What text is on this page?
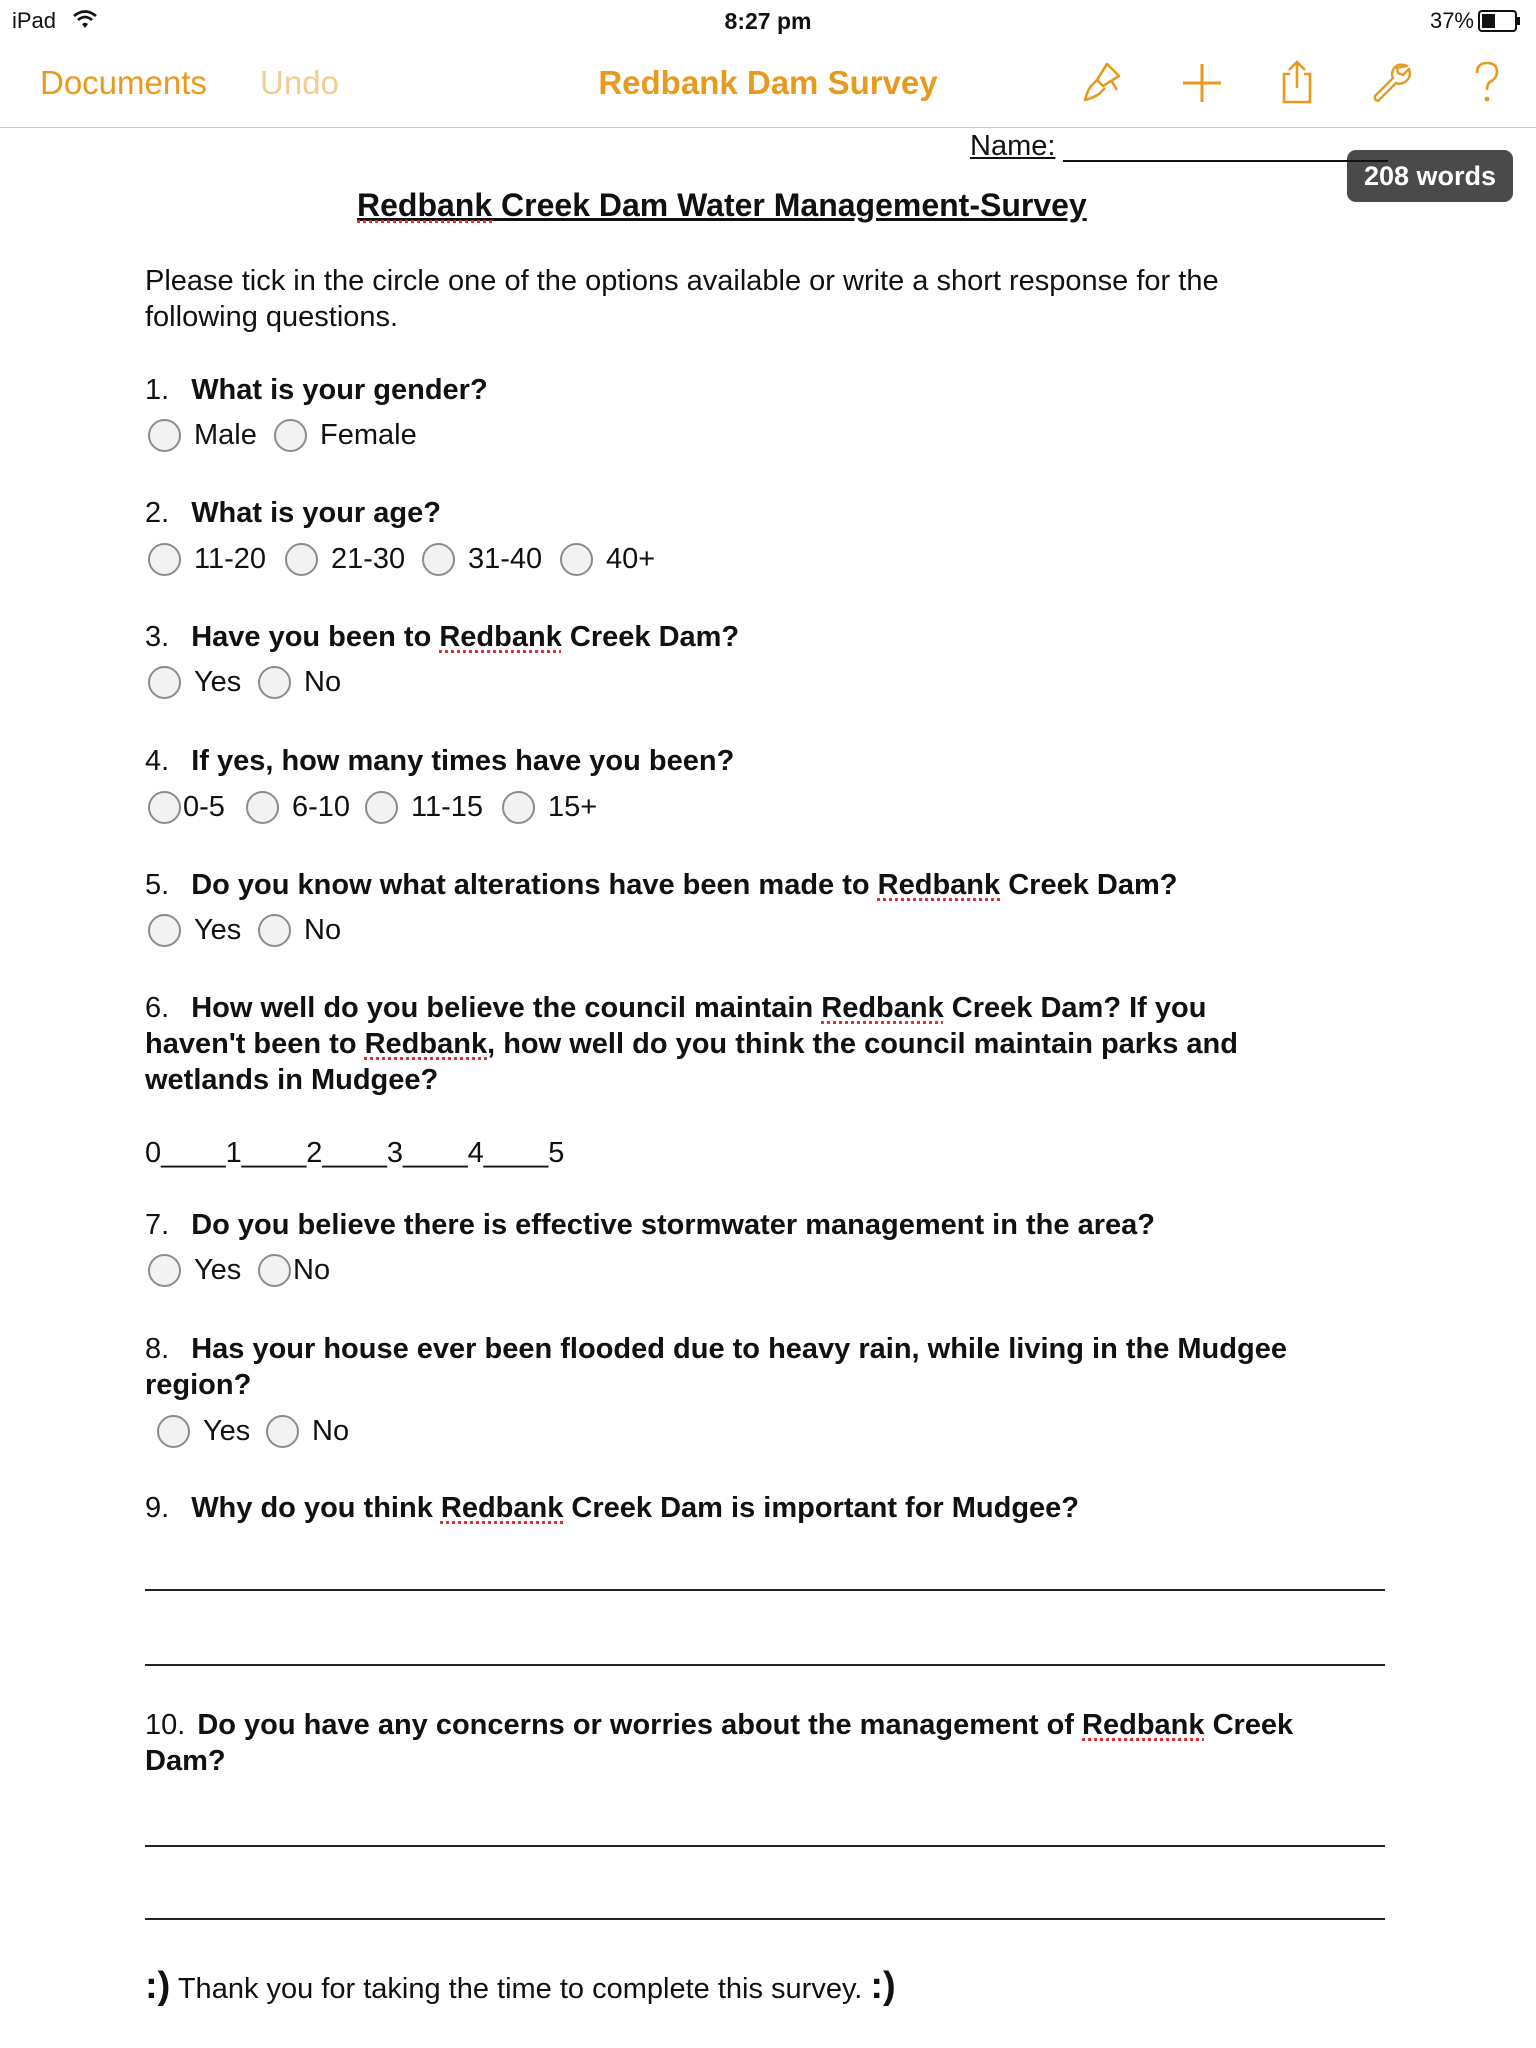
iPad	8:27 pm	37%
Documents Undo	Redbank Dam Survey
208 words
Name:
Redbank Creek Dam Water Management-Survey
Please tick in the circle one of the options available or write a short response for the
following questions.
1. What is your gender?
Male Female
2. What is your age?
11-20 21-30 31-40 40+
3. Have you been to Redbank Creek Dam?
Yes No
4. If yes, how many times have you been?
0-5 6-10 11-15 15+
5. Do you know what alterations have been made to Redbank Creek Dam?
Yes No
6. How well do you believe the council maintain Redbank Creek Dam? If you
haven't been to Redbank, how well do you think the council maintain parks and
wetlands in Mudgee?
0____1____2____3____4____5
7. Do you believe there is effective stormwater management in the area?
Yes No
8. Has your house ever been flooded due to heavy rain, while living in the Mudgee
region?
Yes No
9. Why do you think Redbank Creek Dam is important for Mudgee?
10. Do you have any concerns or worries about the management of Redbank Creek
Dam?
:) Thank you for taking the time to complete this survey. :)
